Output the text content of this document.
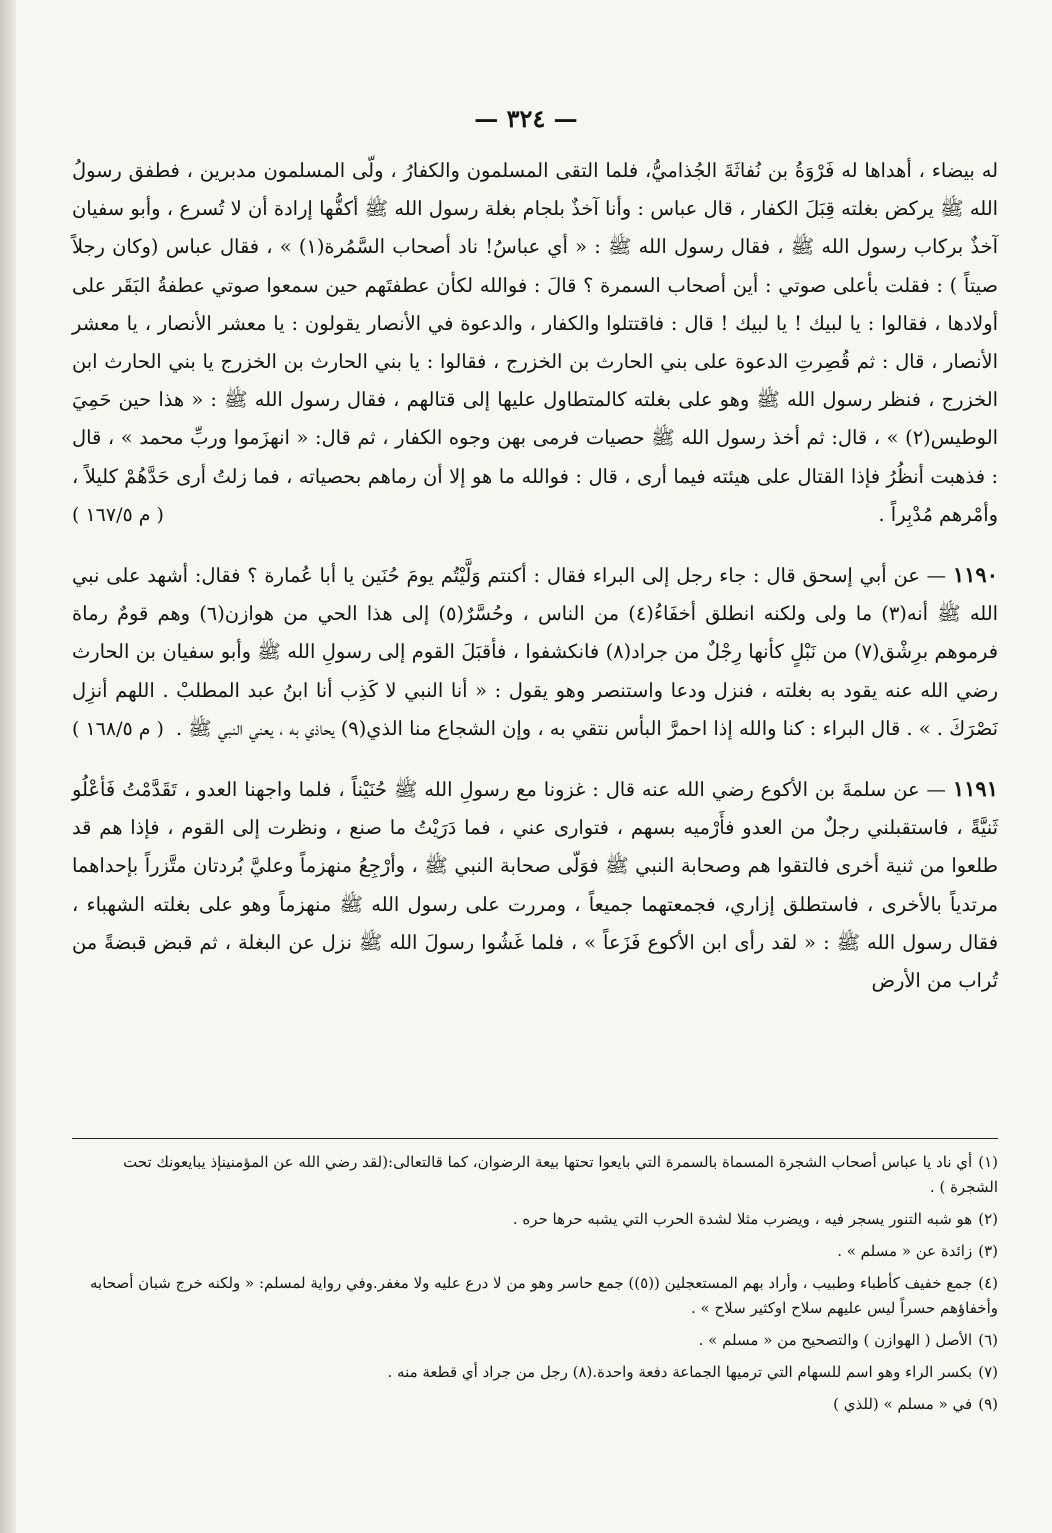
— ٣٢٤ —

له بيضاء ، أهداها له فَرْوَةُ بن نُفاثَةَ الجُذاميُّ، فلما التقى المسلمون والكفارُ ، ولّى المسلمون مدبرين ، فطفق رسولُ الله ﷺ يركض بغلته قِبَلَ الكفار ، قال عباس : وأنا آخذٌ بلجام بغلة رسول الله ﷺ أكفُّها إرادة أن لا تُسرع ، وأبو سفيان آخذٌ بركاب رسول الله ﷺ ، فقال رسول الله ﷺ : « أي عباسُ! ناد أصحاب السَّمُرة(١) » ، فقال عباس (وكان رجلاً صيتاً ) : فقلت بأعلى صوتي : أين أصحاب السمرة ؟ قالَ : فوالله لكأن عطفتَهم حين سمعوا صوتي عطفةُ البَقَر على أولادها ، فقالوا : يا لبيك ! يا لبيك ! قال : فاقتتلوا والكفار ، والدعوة في الأنصار يقولون : يا معشر الأنصار ، يا معشر الأنصار ، قال : ثم قُصِرتِ الدعوة على بني الحارث بن الخزرج ، فقالوا : يا بني الحارث بن الخزرج يا بني الحارث ابن الخزرج ، فنظر رسول الله ﷺ وهو على بغلته كالمتطاول عليها إلى قتالهم ، فقال رسول الله ﷺ : « هذا حين حَمِيَ الوطيس(٢) » ، قال: ثم أخذ رسول الله ﷺ حصيات فرمى بهن وجوه الكفار ، ثم قال: « انهزَموا وربِّ محمد » ، قال : فذهبت أنظُرُ فإذا القتال على هيئته فيما أرى ، قال : فوالله ما هو إلا أن رماهم بحصياته ، فما زلتُ أرى حَدَّهُمْ كليلاً ، وأمْرهم مُدْبِراً .
( م ١٦٧/٥ )

١١٩٠ — عن أبي إسحق قال : جاء رجل إلى البراء فقال : أكنتم وَلَّيْتُم يومَ حُنَين يا أبا عُمارة ؟ فقال: أشهد على نبي الله ﷺ أنه(٣) ما ولى ولكنه انطلق أخفَاءُ(٤) من الناس ، وحُسَّرٌ(٥) إلى هذا الحي من هوازن(٦) وهم قومٌ رماة فرموهم برِشْق(٧) من نَبْلٍ كأنها رِجْلٌ من جراد(٨) فانكشفوا ، فأقبَلَ القوم إلى رسولِ الله ﷺ وأبو سفيان بن الحارث رضي الله عنه يقود به بغلته ، فنزل ودعا واستنصر وهو يقول : « أنا النبي لا كَذِب أنا ابنُ عبد المطلبْ . اللهم أنزِل نَصْرَكَ . » . قال البراء : كنا والله إذا احمرَّ البأس نتقي به ، وإن الشجاع منا الذي(٩) يحاذي به ، يعني النبي ﷺ .
( م ١٦٨/٥ )

١١٩١ — عن سلمةَ بن الأكوع رضي الله عنه قال : غزونا مع رسولِ الله ﷺ حُنَيْناً ، فلما واجهنا العدو ، تَقَدَّمْتُ فَأعْلُو ثَنيَّةً ، فاستقبلني رجلٌ من العدو فأَرْميه بسهم ، فتوارى عني ، فما دَرَيْتُ ما صنع ، ونظرت إلى القوم ، فإذا هم قد طلعوا من ثنية أخرى فالتقوا هم وصحابة النبي ﷺ فوَلّى صحابة النبي ﷺ ، وأرْجِعُ منهزماً وعليَّ بُردتان متَّزراً بإحداهما مرتدياً بالأخرى ، فاستطلق إزاري، فجمعتهما جميعاً ، ومررت على رسول الله ﷺ منهزماً وهو على بغلته الشهباء ، فقال رسول الله ﷺ : « لقد رأى ابن الأكوع فَزَعاً » ، فلما غَشُوا رسولَ الله ﷺ نزل عن البغلة ، ثم قبض قبضةً من تُراب من الأرض

(١)أي ناد يا عباس أصحاب الشجرة المسماة بالسمرة التي بايعوا تحتها بيعة الرضوان، كما قالتعالى:(لقد رضي الله عن المؤمنينإذ يبايعونك تحت الشجرة ) .

(٢)هو شبه التنور يسجر فيه ، ويضرب مثلا لشدة الحرب التي يشبه حرها حره .

(٣)زائدة عن « مسلم » .

(٤)جمع خفيف كأطباء وطبيب ، وأراد بهم المستعجلين ((٥)) جمع حاسر وهو من لا درع عليه ولا مغفر.وفي رواية لمسلم: « ولكنه خرج شبان أصحابه وأخفاؤهم حسراً ليس عليهم سلاح اوكثير سلاح » .

(٦)الأصل ( الهوازن ) والتصحيح من « مسلم » .

(٧)بكسر الراء وهو اسم للسهام التي ترميها الجماعة دفعة واحدة.(٨) رجل من جراد أي قطعة منه .

(٩)في « مسلم » (للذي )
